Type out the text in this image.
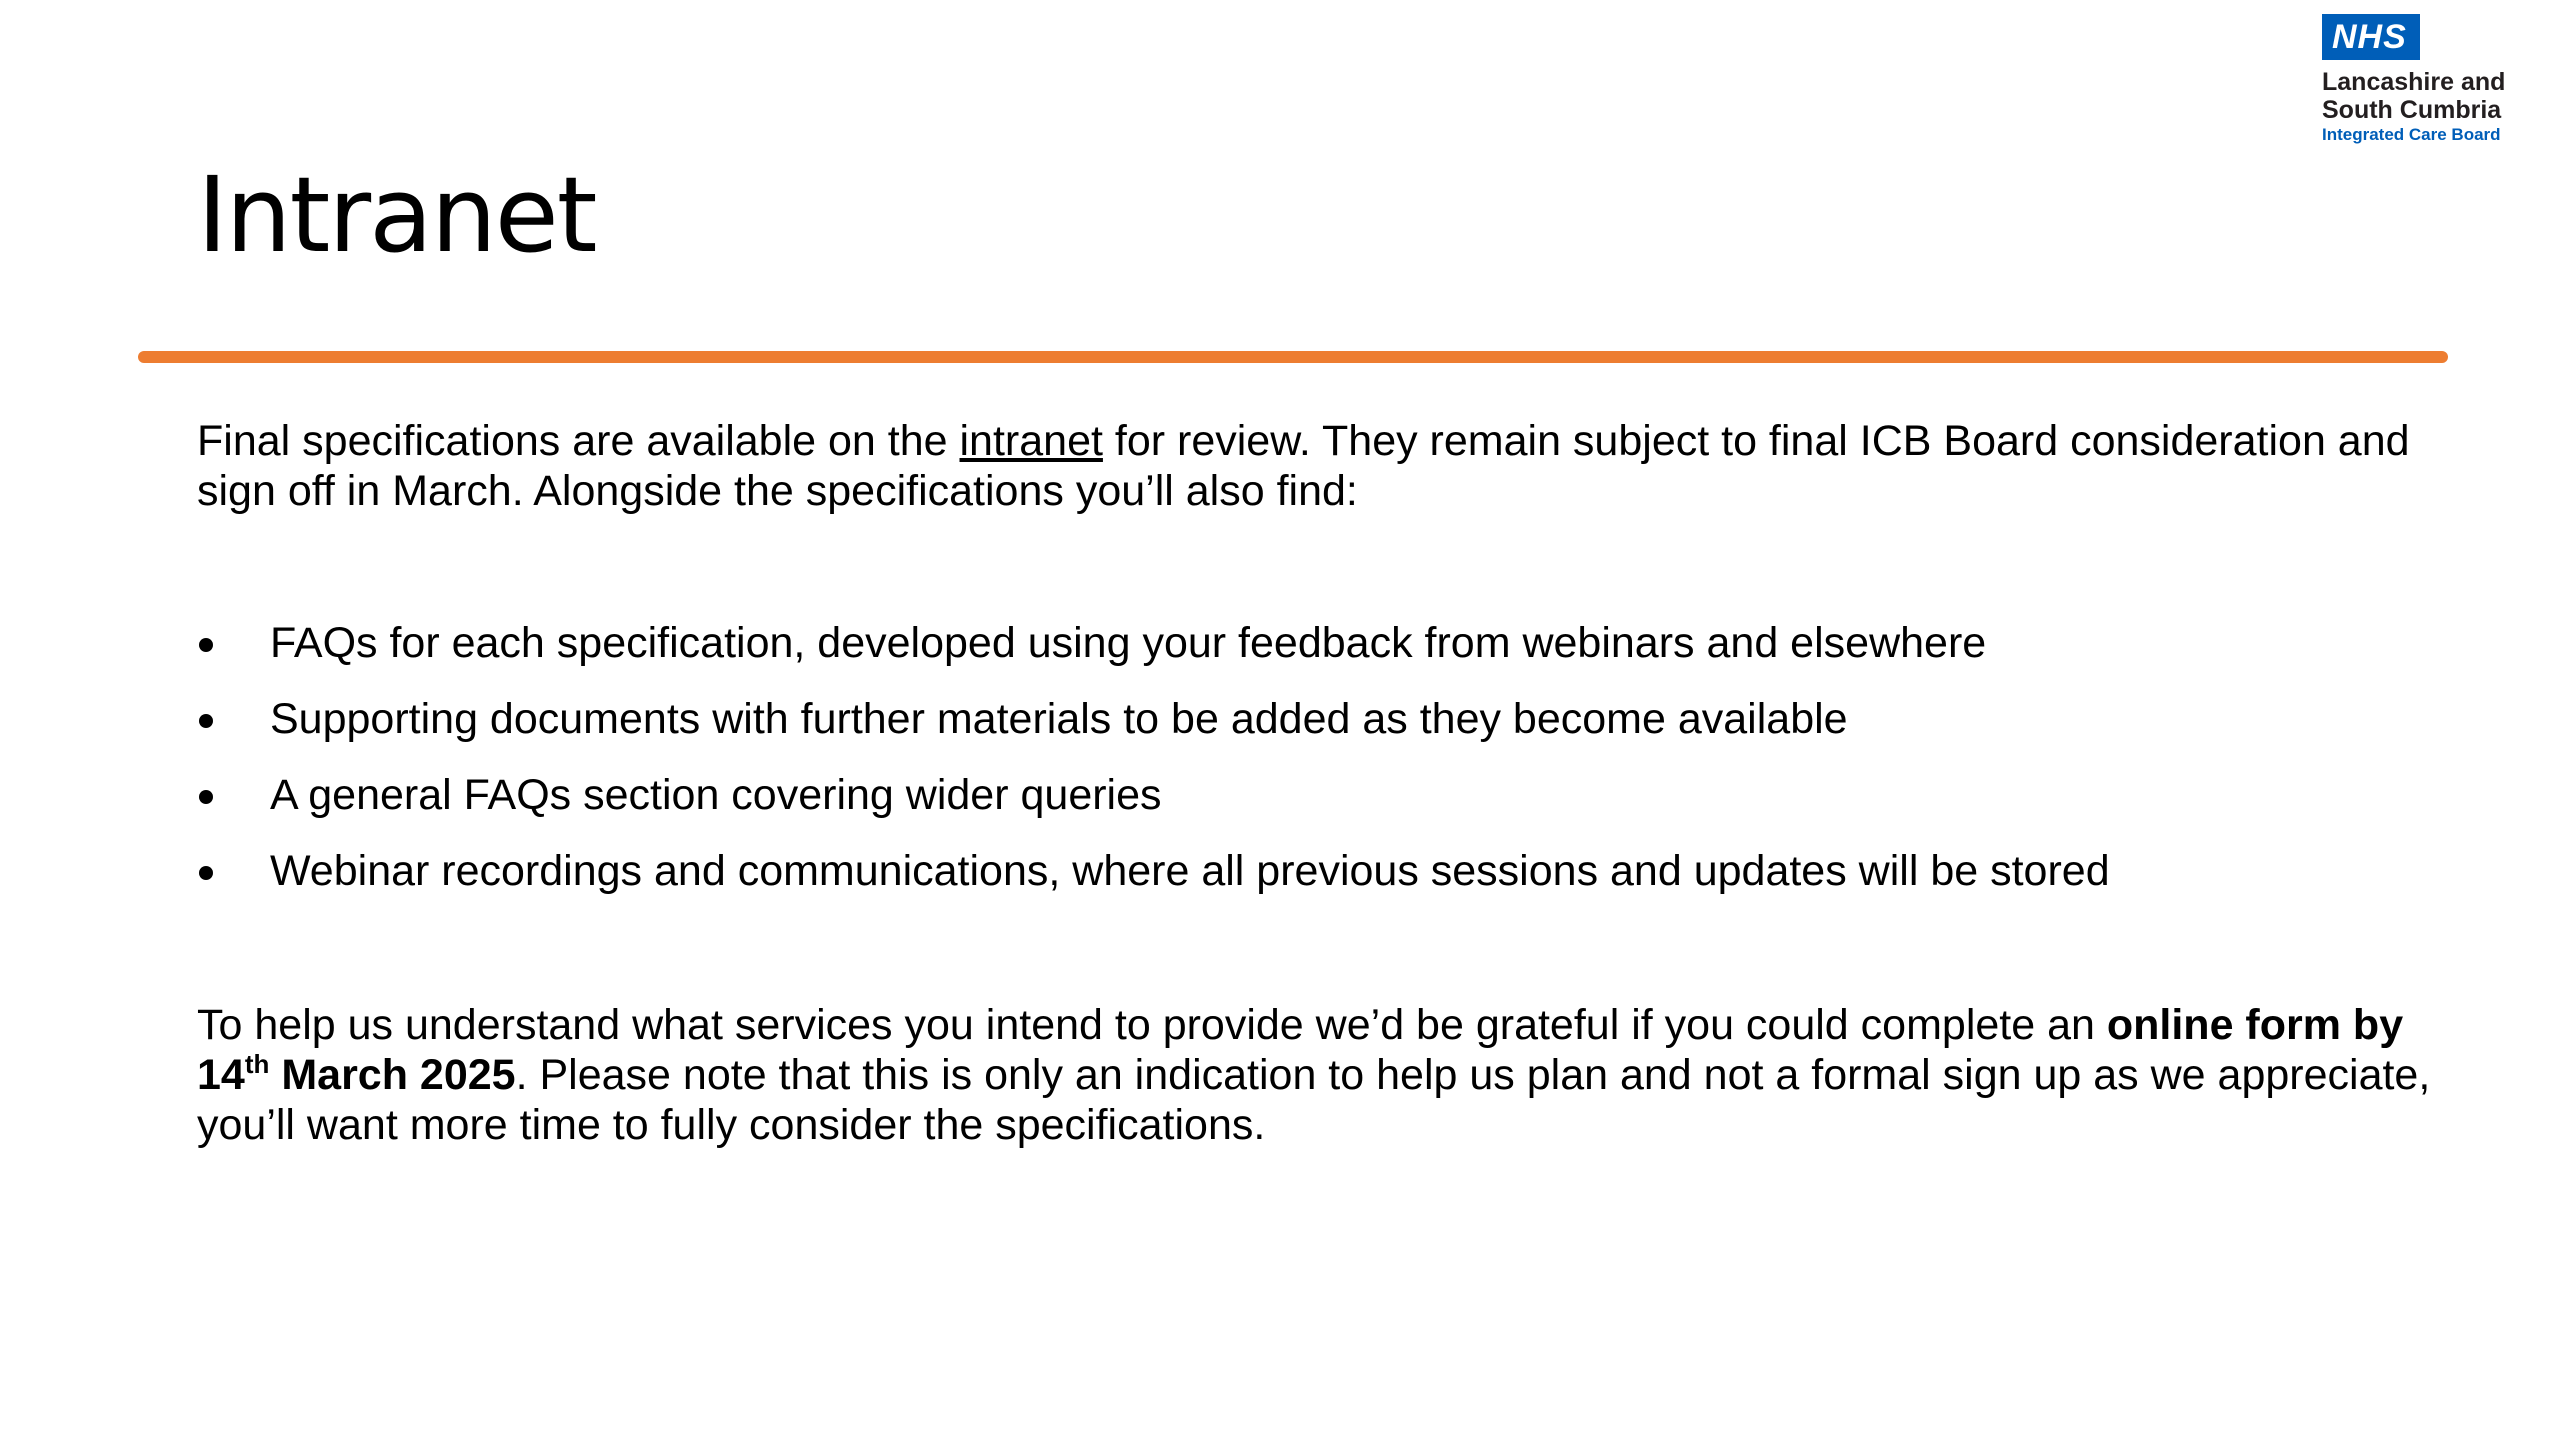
NHS
Lancashire and
South Cumbria
Integrated Care Board
Intranet

Final specifications are available on the intranet for review. They remain subject to final ICB Board consideration and sign off in March. Alongside the specifications you’ll also find:

FAQs for each specification, developed using your feedback from webinars and elsewhere
Supporting documents with further materials to be added as they become available
A general FAQs section covering wider queries
Webinar recordings and communications, where all previous sessions and updates will be stored

To help us understand what services you intend to provide we’d be grateful if you could complete an online form by 14th March 2025. Please note that this is only an indication to help us plan and not a formal sign up as we appreciate, you’ll want more time to fully consider the specifications.
